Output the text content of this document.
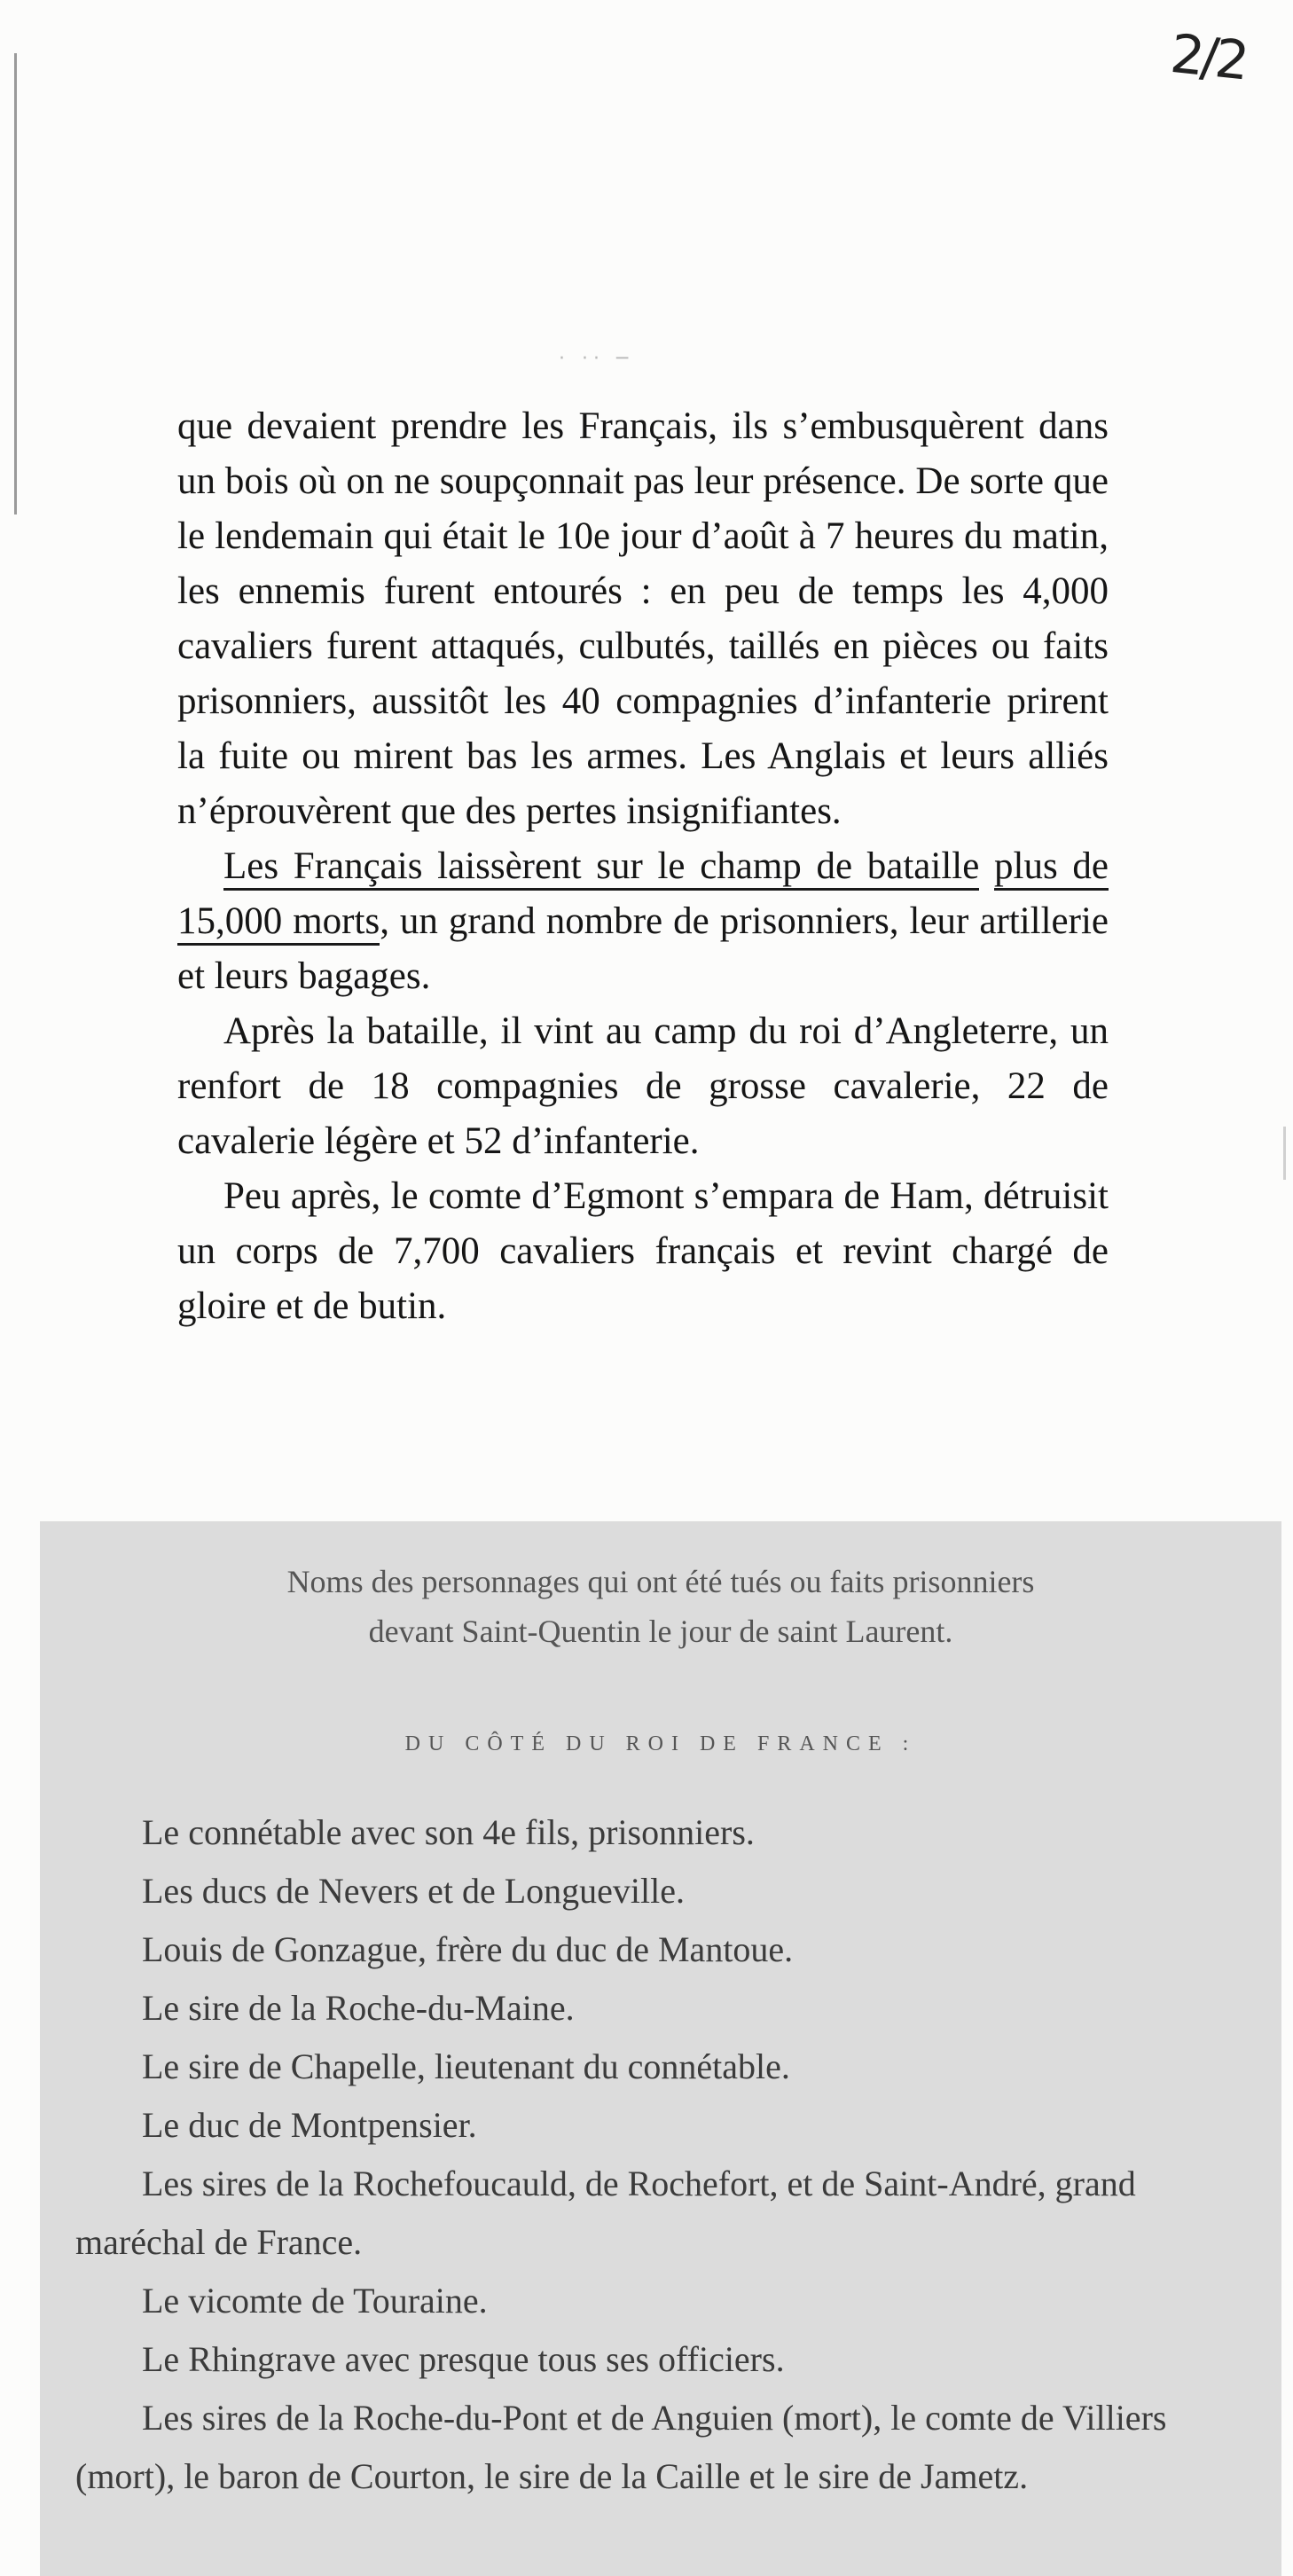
2/2
· ·· ─

que devaient prendre les Français, ils s’embusquèrent dans un bois où on ne soupçonnait pas leur présence. De sorte que le lendemain qui était le 10e jour d’août à 7 heures du matin, les ennemis furent entourés : en peu de temps les 4,000 cavaliers furent attaqués, culbutés, taillés en pièces ou faits prisonniers, aussitôt les 40 compagnies d’infanterie prirent la fuite ou mirent bas les armes. Les Anglais et leurs alliés n’éprouvèrent que des pertes insignifiantes.

Les Français laissèrent sur le champ de bataille plus de 15,000 morts, un grand nombre de prisonniers, leur artillerie et leurs bagages.

Après la bataille, il vint au camp du roi d’Angleterre, un renfort de 18 compagnies de grosse cavalerie, 22 de cavalerie légère et 52 d’infanterie.

Peu après, le comte d’Egmont s’empara de Ham, détruisit un corps de 7,700 cavaliers français et revint chargé de gloire et de butin.

Noms des personnages qui ont été tués ou faits prisonniers
devant Saint-Quentin le jour de saint Laurent.
DU CÔTÉ DU ROI DE FRANCE :

Le connétable avec son 4e fils, prisonniers.

Les ducs de Nevers et de Longueville.

Louis de Gonzague, frère du duc de Mantoue.

Le sire de la Roche-du-Maine.

Le sire de Chapelle, lieutenant du connétable.

Le duc de Montpensier.

Les sires de la Rochefoucauld, de Rochefort, et de Saint-André, grand maréchal de France.

Le vicomte de Touraine.

Le Rhingrave avec presque tous ses officiers.

Les sires de la Roche-du-Pont et de Anguien (mort), le comte de Villiers (mort), le baron de Courton, le sire de la Caille et le sire de Jametz.
